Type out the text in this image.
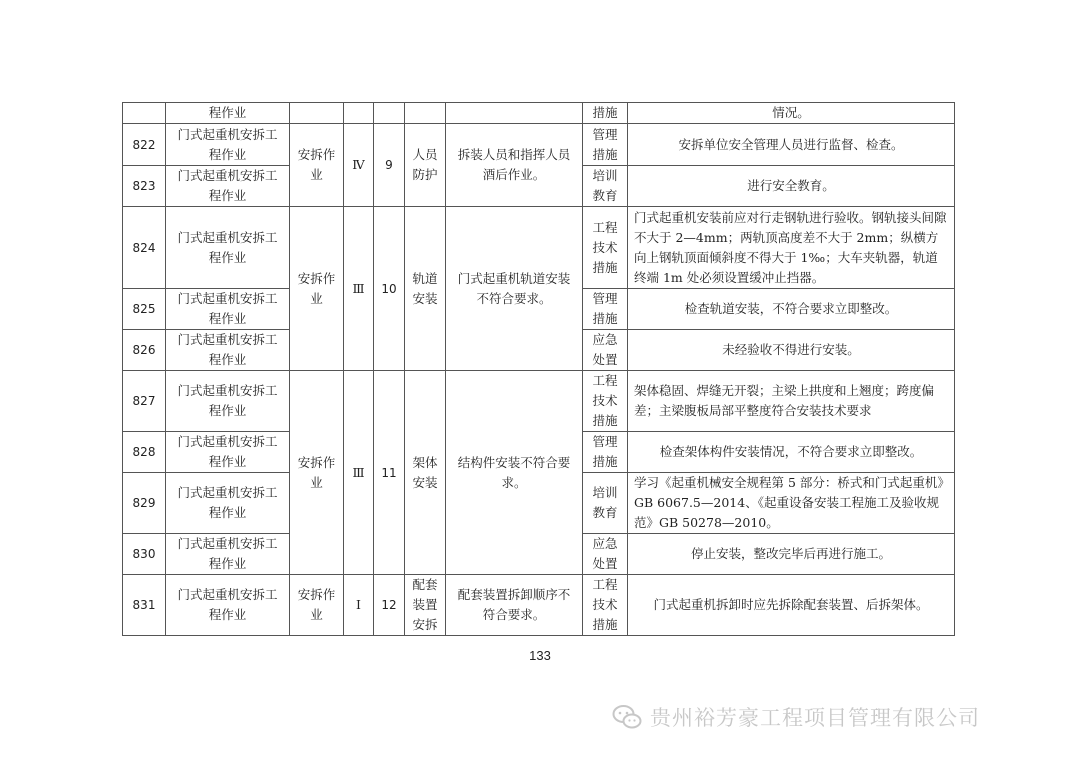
	程作业						措施	情况。
822	门式起重机安拆工程作业	安拆作业	Ⅳ	9	人员防护	拆装人员和指挥人员酒后作业。	管理措施	安拆单位安全管理人员进行监督、检查。
823	门式起重机安拆工程作业						培训教育	进行安全教育。
824	门式起重机安拆工程作业	安拆作业	Ⅲ	10	轨道安装	门式起重机轨道安装不符合要求。	工程技术措施	门式起重机安装前应对行走钢轨进行验收。钢轨接头间隙不大于 2—4mm；两轨顶高度差不大于 2mm；纵横方向上钢轨顶面倾斜度不得大于 1‰；大车夹轨器，轨道终端 1m 处必须设置缓冲止挡器。
825	门式起重机安拆工程作业						管理措施	检查轨道安装，不符合要求立即整改。
826	门式起重机安拆工程作业						应急处置	未经验收不得进行安装。
827	门式起重机安拆工程作业	安拆作业	Ⅲ	11	架体安装	结构件安装不符合要求。	工程技术措施	架体稳固、焊缝无开裂；主梁上拱度和上翘度；跨度偏差；主梁腹板局部平整度符合安装技术要求
828	门式起重机安拆工程作业						管理措施	检查架体构件安装情况，不符合要求立即整改。
829	门式起重机安拆工程作业						培训教育	学习《起重机械安全规程第 5 部分：桥式和门式起重机》GB 6067.5—2014、《起重设备安装工程施工及验收规范》GB 50278—2010。
830	门式起重机安拆工程作业						应急处置	停止安装，整改完毕后再进行施工。
831	门式起重机安拆工程作业	安拆作业	Ⅰ	12	配套装置安拆	配套装置拆卸顺序不符合要求。	工程技术措施	门式起重机拆卸时应先拆除配套装置、后拆架体。
133
贵州裕芳豪工程项目管理有限公司
